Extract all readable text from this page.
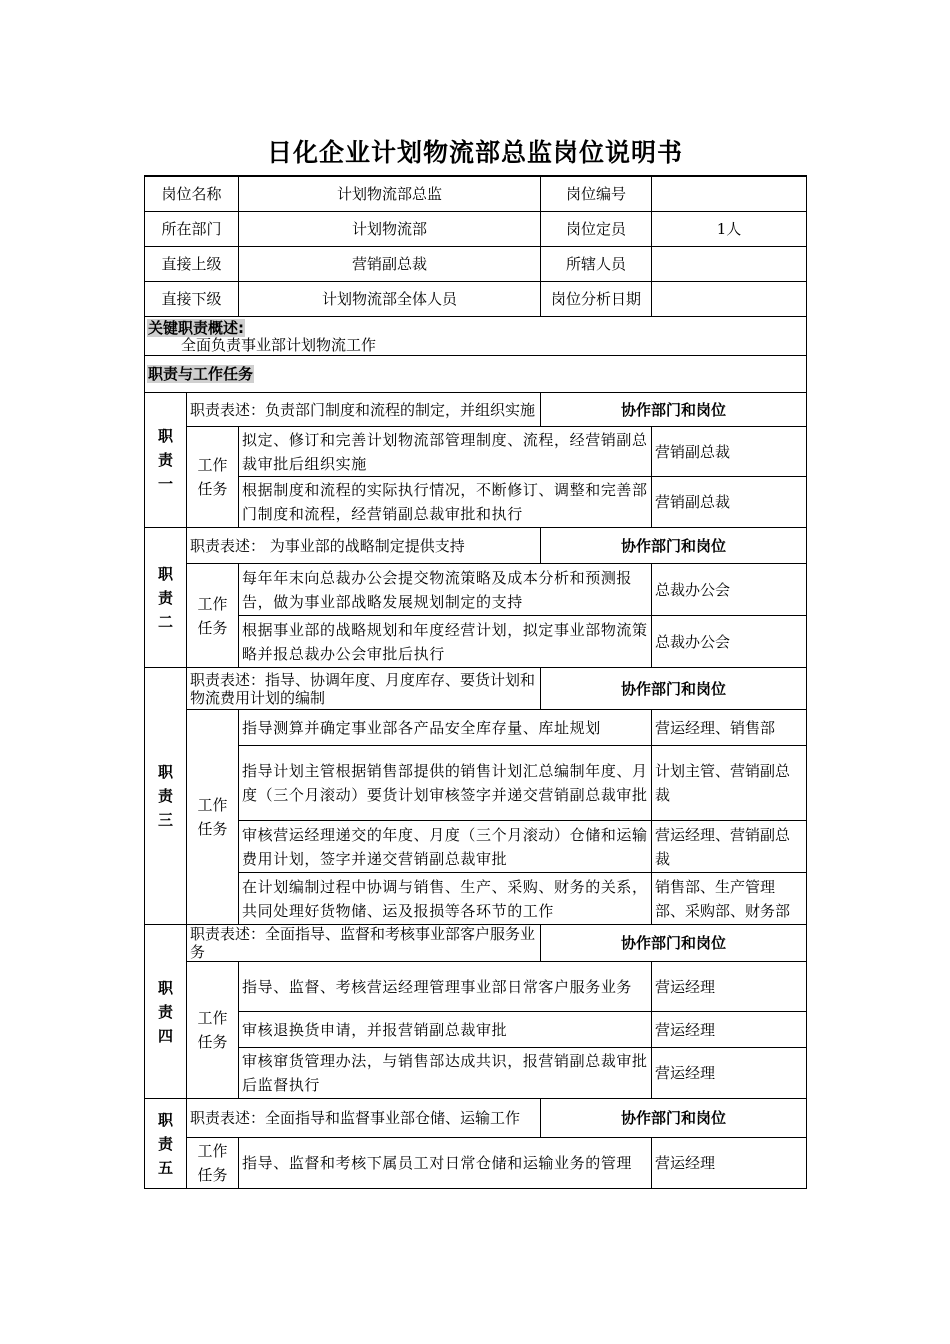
日化企业计划物流部总监岗位说明书
岗位名称		计划物流部总监	岗位编号	
所在部门		计划物流部	岗位定员	1人
直接上级		营销副总裁	所辖人员	
直接下级		计划物流部全体人员	岗位分析日期	

关键职责概述:
全面负责事业部计划物流工作				

职责与工作任务				

职责一	职责表述：负责部门制度和流程的制定，并组织实施		协作部门和岗位	

	工作任务	拟定、修订和完善计划物流部管理制度、流程，经营销副总裁审批后组织实施		营销副总裁
		根据制度和流程的实际执行情况，不断修订、调整和完善部门制度和流程，经营销副总裁审批和执行		营销副总裁

职责二	职责表述： 为事业部的战略制定提供支持		协作部门和岗位	

	工作任务	每年年末向总裁办公会提交物流策略及成本分析和预测报告，做为事业部战略发展规划制定的支持		总裁办公会
		根据事业部的战略规划和年度经营计划，拟定事业部物流策略并报总裁办公会审批后执行		总裁办公会

职责三	职责表述：指导、协调年度、月度库存、要货计划和物流费用计划的编制		协作部门和岗位	

	工作任务	指导测算并确定事业部各产品安全库存量、库址规划		营运经理、销售部
		指导计划主管根据销售部提供的销售计划汇总编制年度、月度（三个月滚动）要货计划审核签字并递交营销副总裁审批		计划主管、营销副总裁
		审核营运经理递交的年度、月度（三个月滚动）仓储和运输费用计划，签字并递交营销副总裁审批		营运经理、营销副总裁
		在计划编制过程中协调与销售、生产、采购、财务的关系，共同处理好货物储、运及报损等各环节的工作		销售部、生产管理部、采购部、财务部

职责四	职责表述：全面指导、监督和考核事业部客户服务业务		协作部门和岗位	

	工作任务	指导、监督、考核营运经理管理事业部日常客户服务业务		营运经理
		审核退换货申请，并报营销副总裁审批		营运经理
		审核窜货管理办法，与销售部达成共识，报营销副总裁审批后监督执行		营运经理

职责五	职责表述：全面指导和监督事业部仓储、运输工作		协作部门和岗位	

	工作任务	指导、监督和考核下属员工对日常仓储和运输业务的管理		营运经理
